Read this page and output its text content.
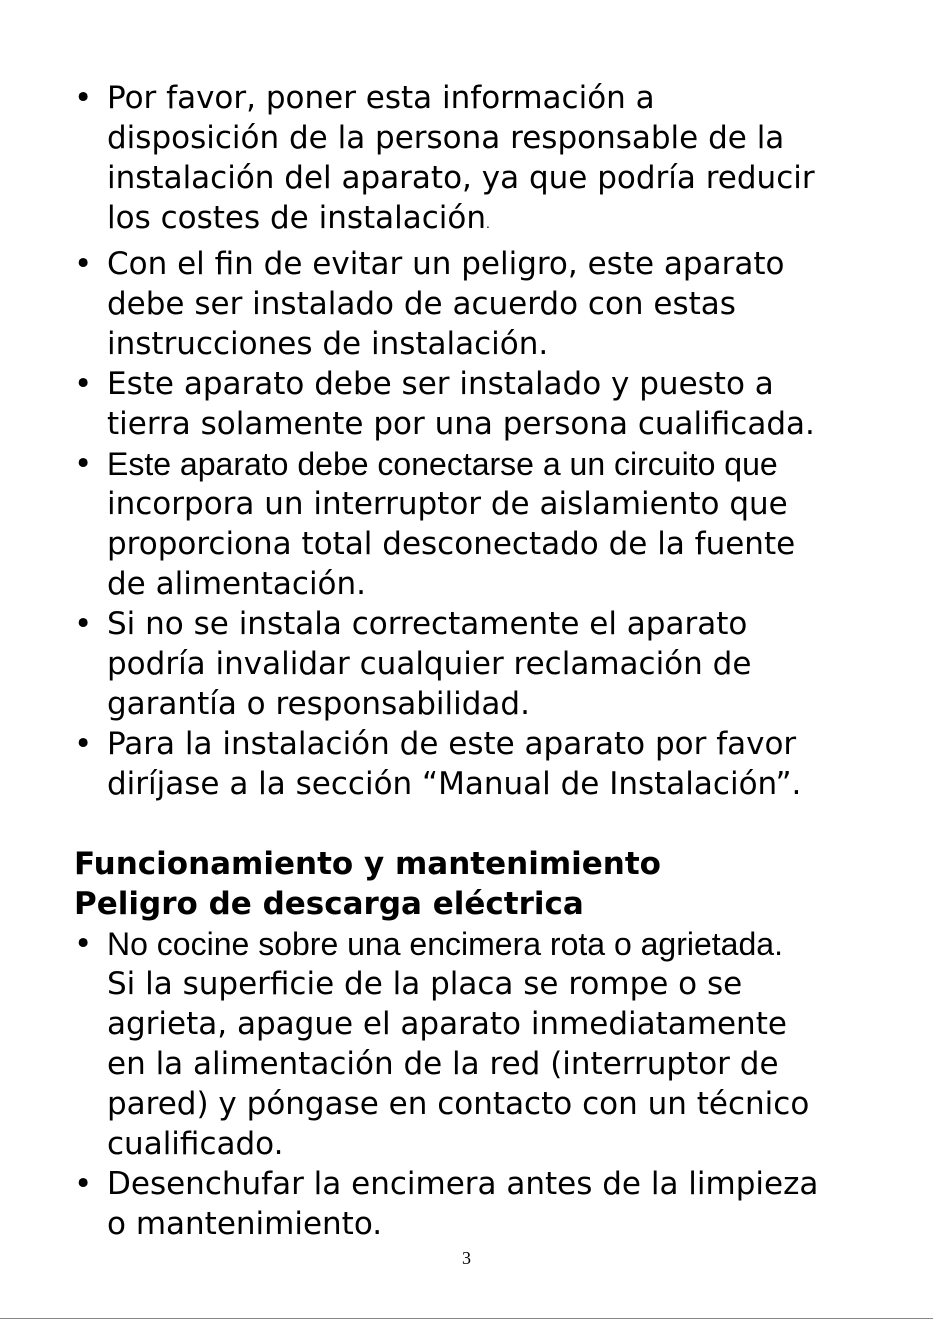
• Por favor, poner esta información a
disposición de la persona responsable de la
instalación del aparato, ya que podría reducir
los costes de instalación.
• Con el fin de evitar un peligro, este aparato
debe ser instalado de acuerdo con estas
instrucciones de instalación.
• Este aparato debe ser instalado y puesto a
tierra solamente por una persona cualificada.
• Este aparato debe conectarse a un circuito que
incorpora un interruptor de aislamiento que
proporciona total desconectado de la fuente
de alimentación.
• Si no se instala correctamente el aparato
podría invalidar cualquier reclamación de
garantía o responsabilidad.
• Para la instalación de este aparato por favor
diríjase a la sección “Manual de Instalación”.
Funcionamiento y mantenimiento
Peligro de descarga eléctrica
• No cocine sobre una encimera rota o agrietada.
Si la superficie de la placa se rompe o se
agrieta, apague el aparato inmediatamente
en la alimentación de la red (interruptor de
pared) y póngase en contacto con un técnico
cualificado.
• Desenchufar la encimera antes de la limpieza
o mantenimiento.
3
